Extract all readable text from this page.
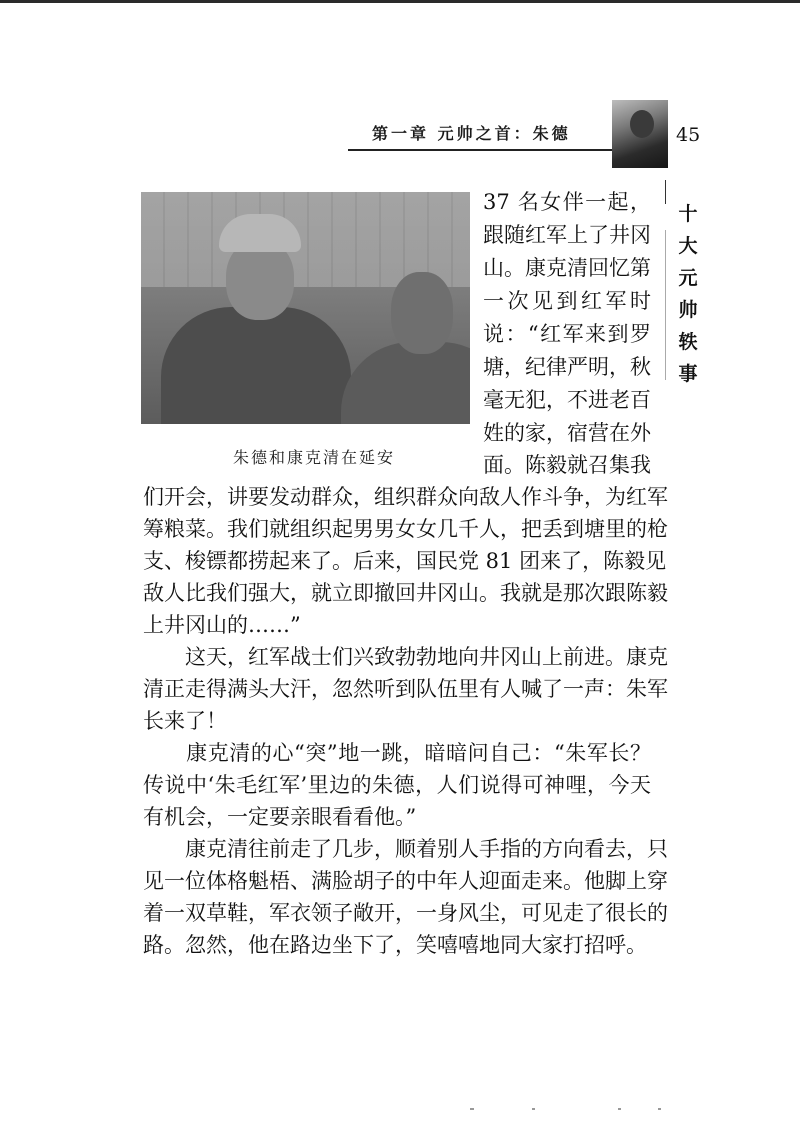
第一章 元帅之首：朱德	45
十
大
元
帅
轶
事
朱德和康克清在延安
37 名女伴一起，
跟随红军上了井冈
山。康克清回忆第
一次见到红军时
说：“红军来到罗
塘，纪律严明，秋
毫无犯，不进老百
姓的家，宿营在外
面。陈毅就召集我
们开会，讲要发动群众，组织群众向敌人作斗争，为红军
筹粮菜。我们就组织起男男女女几千人，把丢到塘里的枪
支、梭镖都捞起来了。后来，国民党 81 团来了，陈毅见
敌人比我们强大，就立即撤回井冈山。我就是那次跟陈毅
上井冈山的……”
　　这天，红军战士们兴致勃勃地向井冈山上前进。康克
清正走得满头大汗，忽然听到队伍里有人喊了一声：朱军
长来了！
　　康克清的心“突”地一跳，暗暗问自己：“朱军长？
传说中‘朱毛红军’里边的朱德，人们说得可神哩，今天
有机会，一定要亲眼看看他。”
　　康克清往前走了几步，顺着别人手指的方向看去，只
见一位体格魁梧、满脸胡子的中年人迎面走来。他脚上穿
着一双草鞋，军衣领子敞开，一身风尘，可见走了很长的
路。忽然，他在路边坐下了，笑嘻嘻地同大家打招呼。
